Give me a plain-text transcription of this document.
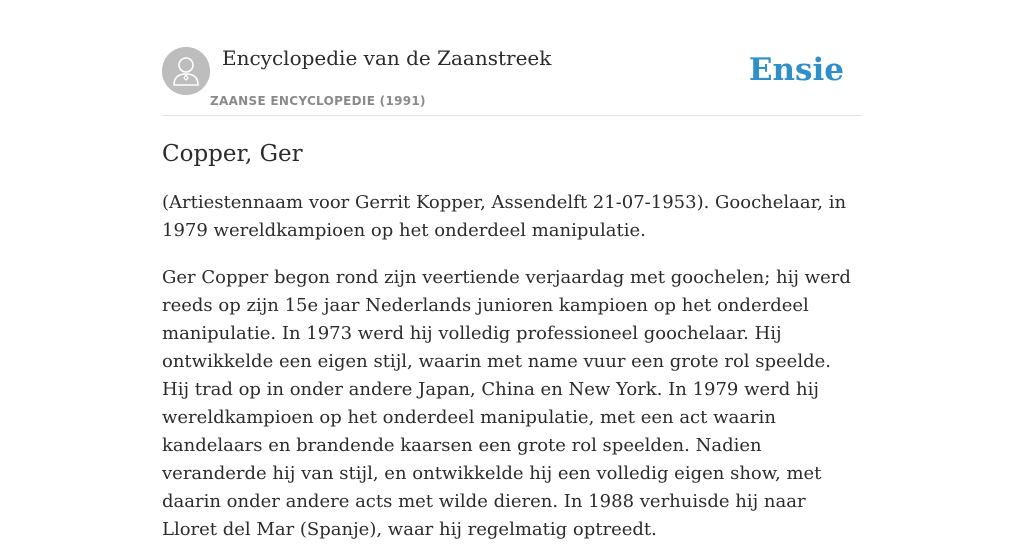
Encyclopedie van de Zaanstreek
ZAANSE ENCYCLOPEDIE (1991)
Ensie
Copper, Ger

(Artiestennaam voor Gerrit Kopper, Assendelft 21-07-1953). Goochelaar, in 1979 wereldkampioen op het onderdeel manipulatie.

Ger Copper begon rond zijn veertiende verjaardag met goochelen; hij werd reeds op zijn 15e jaar Nederlands junioren kampioen op het onderdeel manipulatie. In 1973 werd hij volledig professioneel goochelaar. Hij ontwikkelde een eigen stijl, waarin met name vuur een grote rol speelde. Hij trad op in onder andere Japan, China en New York. In 1979 werd hij wereldkampioen op het onderdeel manipulatie, met een act waarin kandelaars en brandende kaarsen een grote rol speelden. Nadien veranderde hij van stijl, en ontwikkelde hij een volledig eigen show, met daarin onder andere acts met wilde dieren. In 1988 verhuisde hij naar Lloret del Mar (Spanje), waar hij regelmatig optreedt.
